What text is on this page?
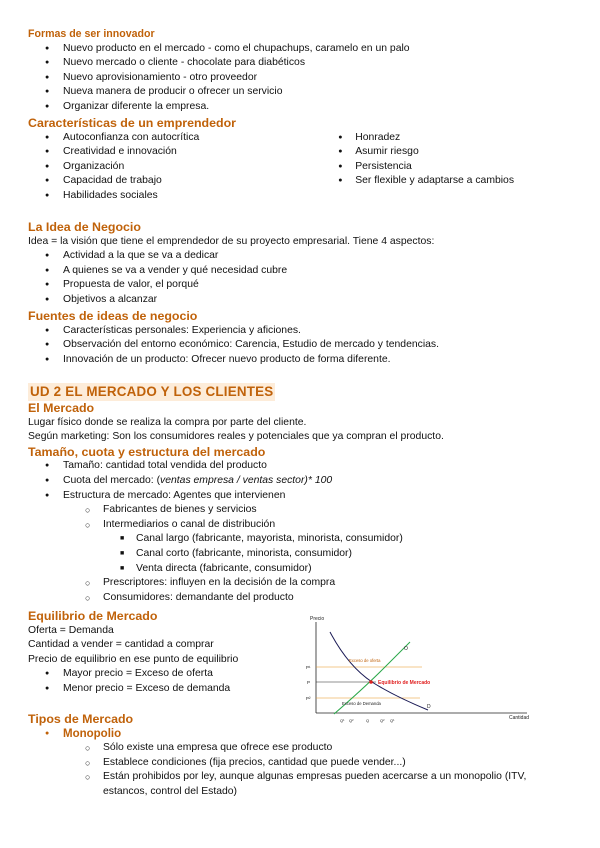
Formas de ser innovador
● Nuevo producto en el mercado - como el chupachups, caramelo en un palo
● Nuevo mercado o cliente - chocolate para diabéticos
● Nuevo aprovisionamiento - otro proveedor
● Nueva manera de producir o ofrecer un servicio
● Organizar diferente la empresa.
Características de un emprendedor
● Autoconfianza con autocrítica
● Creatividad e innovación
● Organización
● Capacidad de trabajo
● Habilidades sociales
● Honradez
● Asumir riesgo
● Persistencia
● Ser flexible y adaptarse a cambios
La Idea de Negocio
Idea = la visión que tiene el emprendedor de su proyecto empresarial. Tiene 4 aspectos:
● Actividad a la que se va a dedicar
● A quienes se va a vender y qué necesidad cubre
● Propuesta de valor, el porqué
● Objetivos a alcanzar
Fuentes de ideas de negocio
● Características personales: Experiencia y aficiones.
● Observación del entorno económico: Carencia, Estudio de mercado y tendencias.
● Innovación de un producto: Ofrecer nuevo producto de forma diferente.
UD 2 EL MERCADO Y LOS CLIENTES
El Mercado
Lugar físico donde se realiza la compra por parte del cliente.
Según marketing: Son los consumidores reales y potenciales que ya compran el producto.
Tamaño, cuota y estructura del mercado
● Tamaño: cantidad total vendida del producto
● Cuota del mercado: (ventas empresa / ventas sector)* 100
● Estructura de mercado: Agentes que intervienen
○ Fabricantes de bienes y servicios
○ Intermediarios o canal de distribución
■ Canal largo (fabricante, mayorista, minorista, consumidor)
■ Canal corto (fabricante, minorista, consumidor)
■ Venta directa (fabricante, consumidor)
○ Prescriptores: influyen en la decisión de la compra
○ Consumidores: demandante del producto
Equilibrio de Mercado
Oferta = Demanda
Cantidad a vender = cantidad a comprar
Precio de equilibrio en ese punto de equilibrio
● Mayor precio = Exceso de oferta
● Menor precio = Exceso de demanda
Precio
Cantidad
P¹
P
P²
Equilibrio de Mercado
Exceso de oferta
Exceso de Demanda
O
D
Q¹ Q²	Q	Q² Q¹
Tipos de Mercado
● Monopolio
○ Sólo existe una empresa que ofrece ese producto
○ Establece condiciones (fija precios, cantidad que puede vender...)
○ Están prohibidos por ley, aunque algunas empresas pueden acercarse a un monopolio (ITV, estancos, control del Estado)
